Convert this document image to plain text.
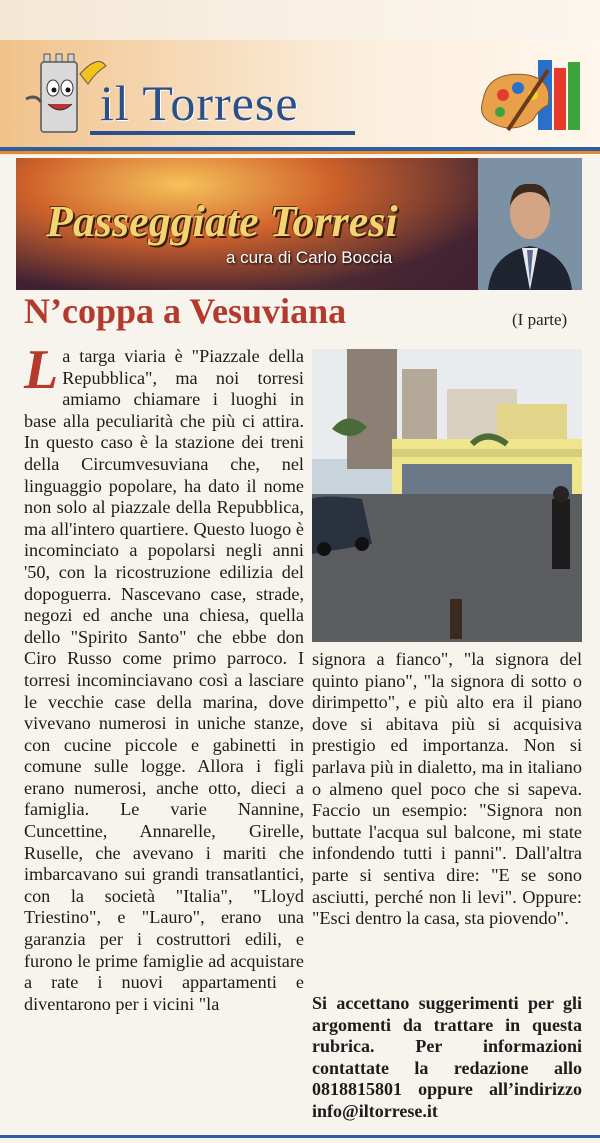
il Torrese
Passeggiate Torresi
a cura di Carlo Boccia
N’coppa a Vesuviana	(I parte)
L a targa viaria è "Piazzale della Repubblica", ma noi torresi amiamo chiamare i luoghi in base alla peculiarità che più ci attira. In questo caso è la stazione dei treni della Circumvesuviana che, nel linguaggio popolare, ha dato il nome non solo al piazzale della Repubblica, ma all'intero quartiere. Questo luogo è incominciato a popolarsi negli anni '50, con la ricostruzione edilizia del dopoguerra. Nascevano case, strade, negozi ed anche una chiesa, quella dello "Spirito Santo" che ebbe don Ciro Russo come primo parroco. I torresi incominciavano così a lasciare le vecchie case della marina, dove vivevano numerosi in uniche stanze, con cucine piccole e gabinetti in comune sulle logge. Allora i figli erano numerosi, anche otto, dieci a famiglia. Le varie Nannine, Cuncettine, Annarelle, Girelle, Ruselle, che avevano i mariti che imbarcavano sui grandi transatlantici, con la società "Italia", "Lloyd Triestino", e "Lauro", erano una garanzia per i costruttori edili, e furono le prime famiglie ad acquistare a rate i nuovi appartamenti e diventarono per i vicini "la

signora a fianco", "la signora del quinto piano", "la signora di sotto o dirimpetto", e più alto era il piano dove si abitava più si acquisiva prestigio ed importanza. Non si parlava più in dialetto, ma in italiano o almeno quel poco che si sapeva. Faccio un esempio: "Signora non buttate l'acqua sul balcone, mi state infondendo tutti i panni". Dall'altra parte si sentiva dire: "E se sono asciutti, perché non li levi". Oppure: "Esci dentro la casa, sta piovendo".

Si accettano suggerimenti per gli argomenti da trattare in questa rubrica. Per informazioni contattate la redazione allo 0818815801 oppure all’indirizzo info@iltorrese.it
